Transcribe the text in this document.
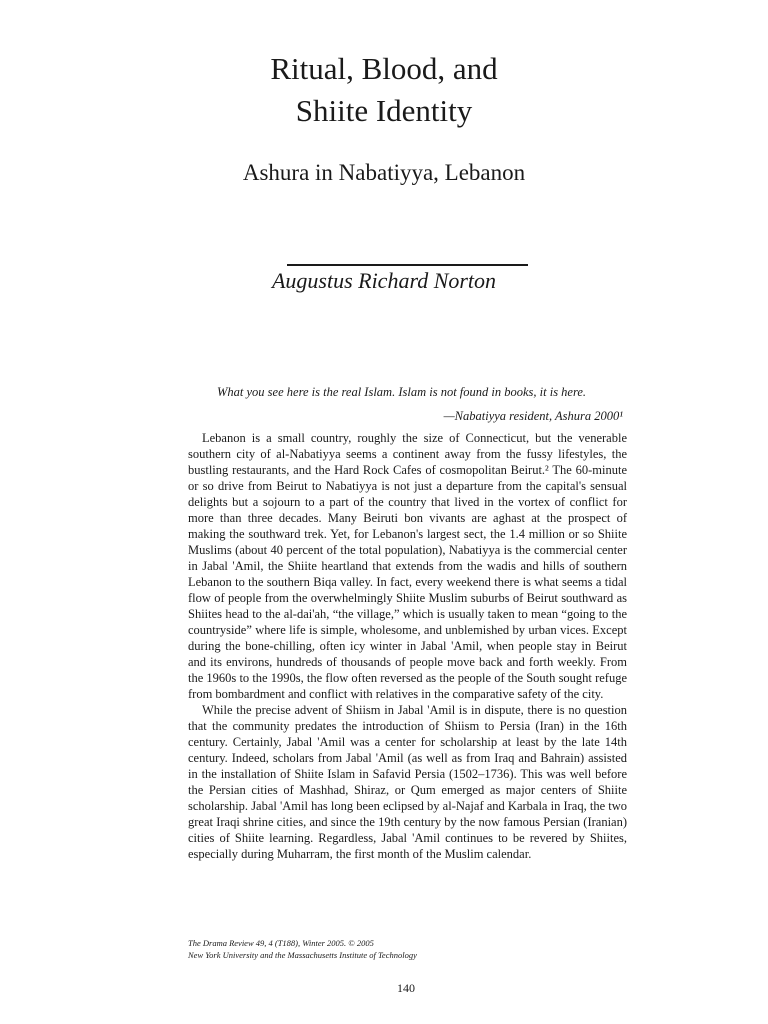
Ritual, Blood, and
Shiite Identity
Ashura in Nabatiyya, Lebanon
Augustus Richard Norton
What you see here is the real Islam. Islam is not found in books, it is here.
—Nabatiyya resident, Ashura 2000¹

Lebanon is a small country, roughly the size of Connecticut, but the venerable southern city of al-Nabatiyya seems a continent away from the fussy lifestyles, the bustling restaurants, and the Hard Rock Cafes of cosmopolitan Beirut.² The 60-minute or so drive from Beirut to Nabatiyya is not just a departure from the capital's sensual delights but a sojourn to a part of the country that lived in the vortex of conflict for more than three decades. Many Beiruti bon vivants are aghast at the prospect of making the southward trek. Yet, for Lebanon's largest sect, the 1.4 million or so Shiite Muslims (about 40 percent of the total population), Nabatiyya is the commercial center in Jabal 'Amil, the Shiite heartland that extends from the wadis and hills of southern Lebanon to the southern Biqa valley. In fact, every weekend there is what seems a tidal flow of people from the overwhelmingly Shiite Muslim suburbs of Beirut southward as Shiites head to the al-dai'ah, “the village,” which is usually taken to mean “going to the countryside” where life is simple, wholesome, and unblemished by urban vices. Except during the bone-chilling, often icy winter in Jabal 'Amil, when people stay in Beirut and its environs, hundreds of thousands of people move back and forth weekly. From the 1960s to the 1990s, the flow often reversed as the people of the South sought refuge from bombardment and conflict with relatives in the comparative safety of the city.

While the precise advent of Shiism in Jabal 'Amil is in dispute, there is no question that the community predates the introduction of Shiism to Persia (Iran) in the 16th century. Certainly, Jabal 'Amil was a center for scholarship at least by the late 14th century. Indeed, scholars from Jabal 'Amil (as well as from Iraq and Bahrain) assisted in the installation of Shiite Islam in Safavid Persia (1502–1736). This was well before the Persian cities of Mashhad, Shiraz, or Qum emerged as major centers of Shiite scholarship. Jabal 'Amil has long been eclipsed by al-Najaf and Karbala in Iraq, the two great Iraqi shrine cities, and since the 19th century by the now famous Persian (Iranian) cities of Shiite learning. Regardless, Jabal 'Amil continues to be revered by Shiites, especially during Muharram, the first month of the Muslim calendar.

The Drama Review 49, 4 (T188), Winter 2005. © 2005
New York University and the Massachusetts Institute of Technology
140
